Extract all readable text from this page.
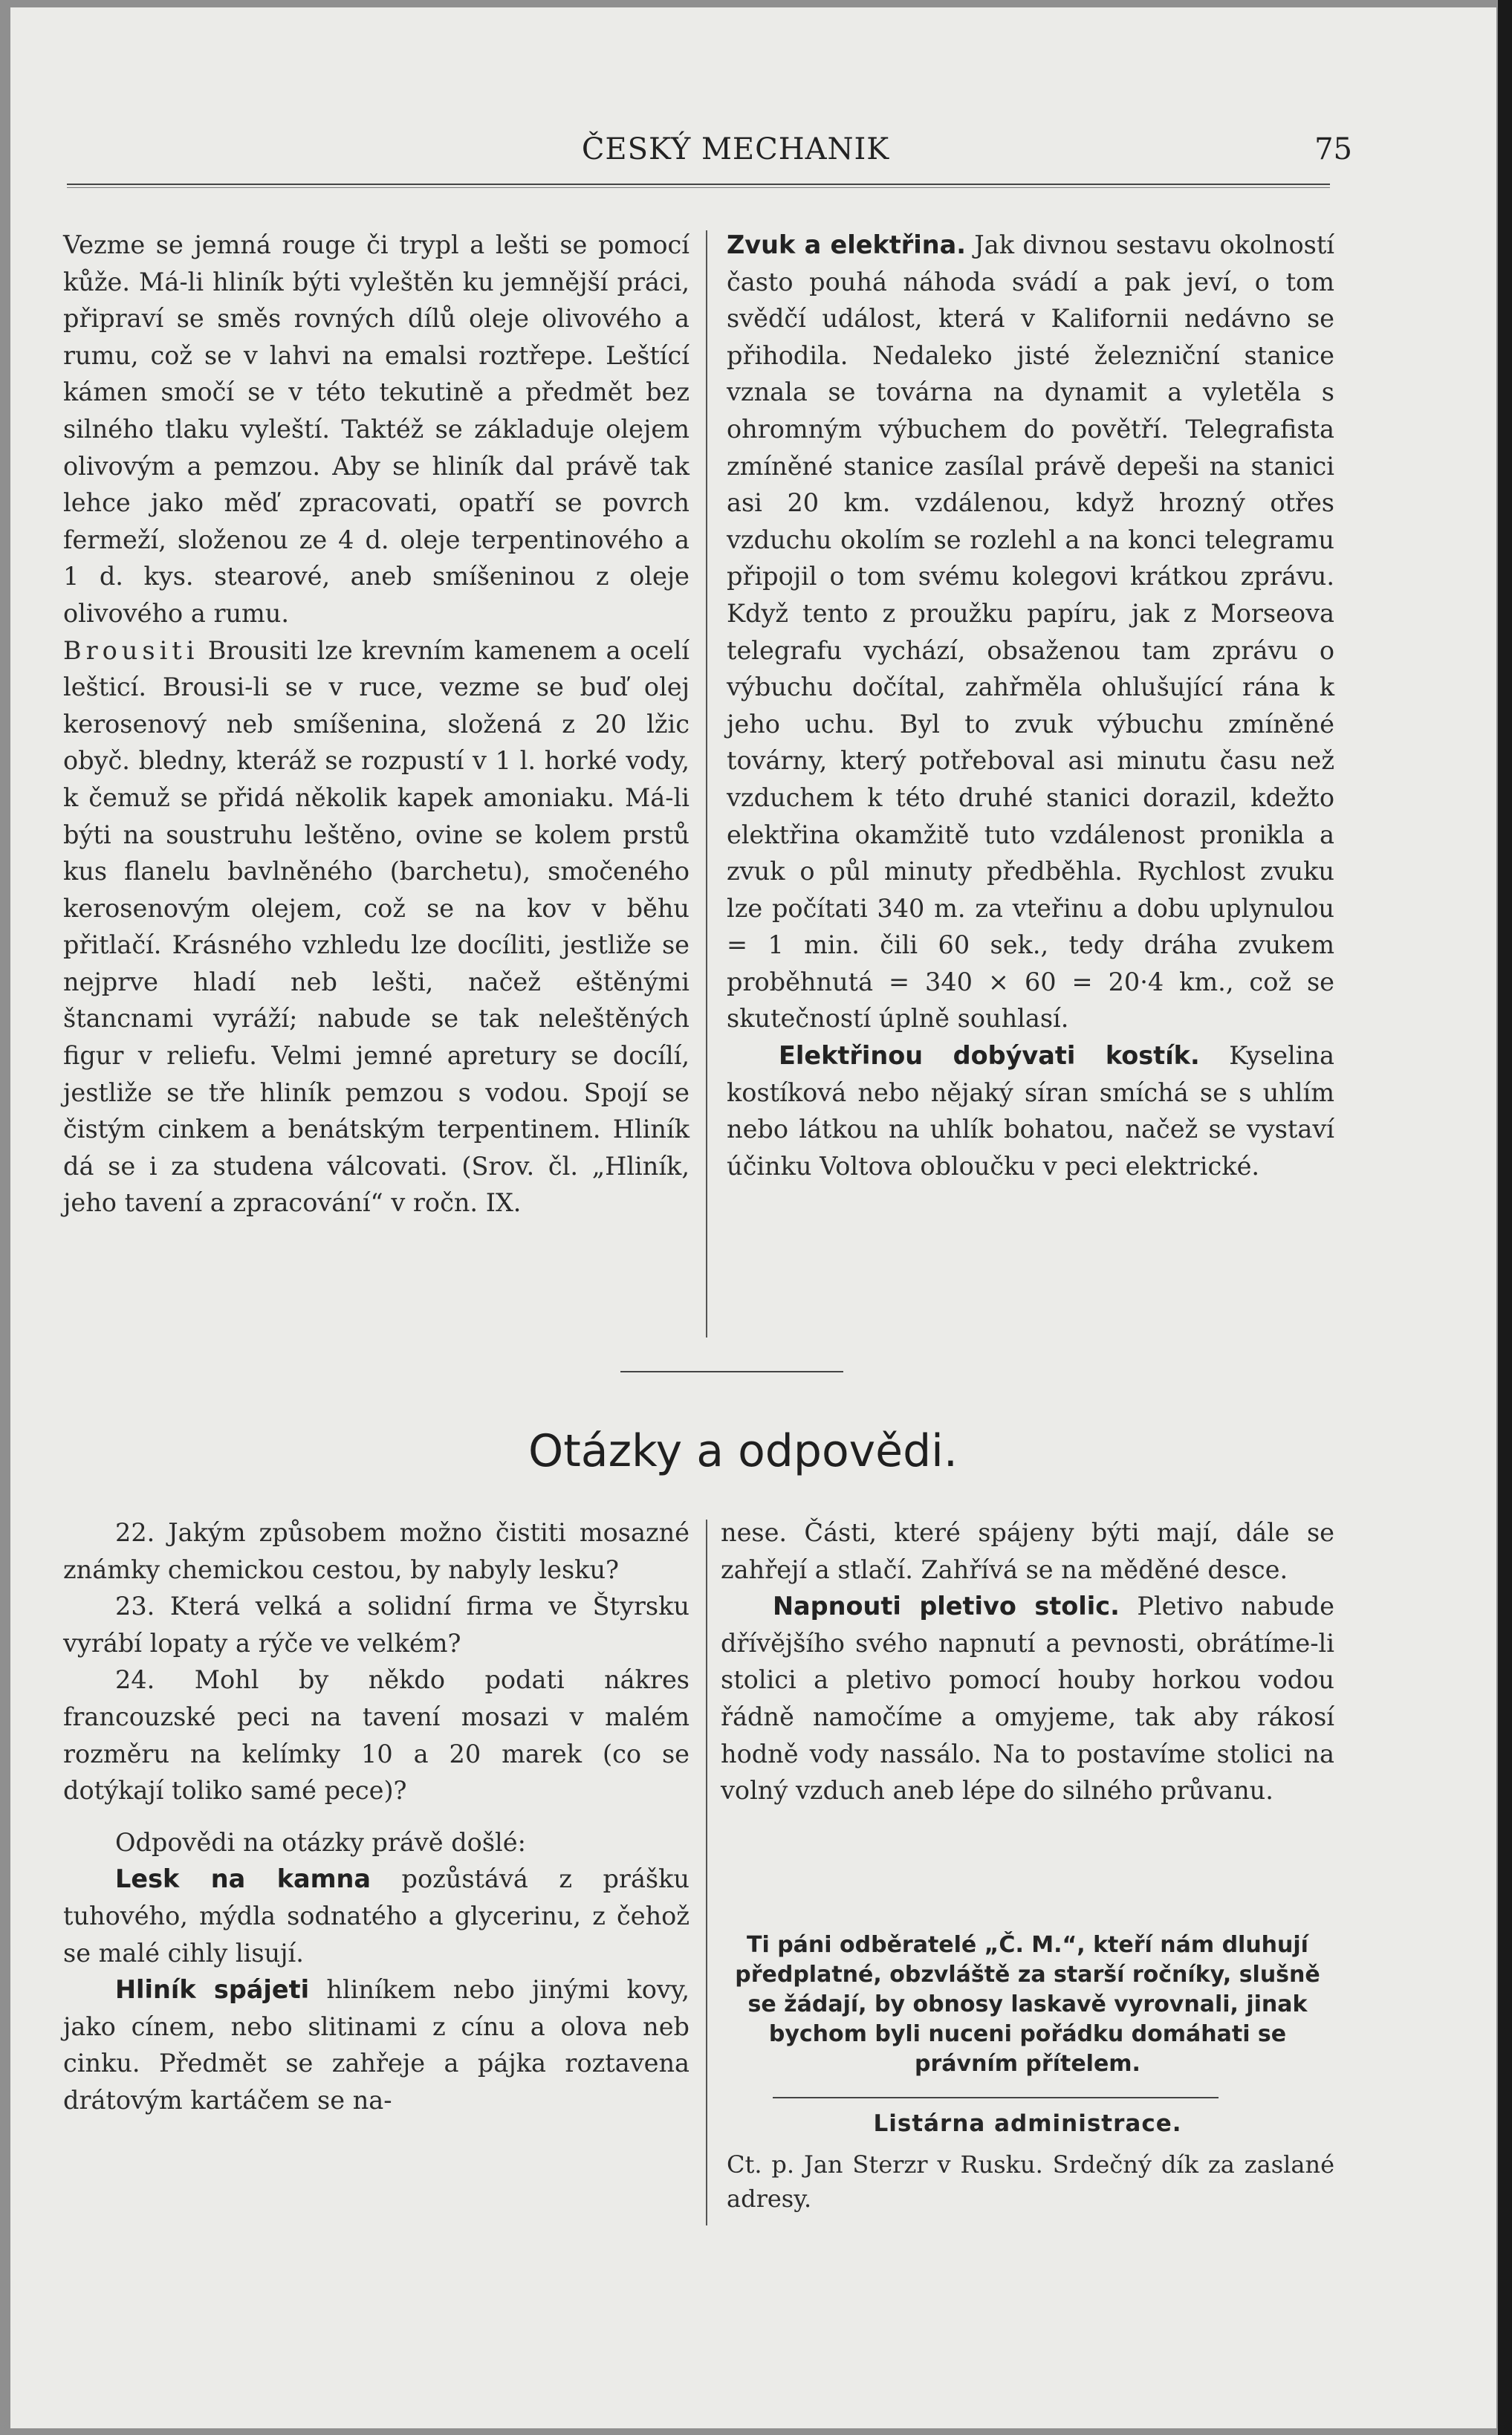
ČESKÝ MECHANIK	75

Vezme se jemná rouge či trypl a lešti se pomocí kůže. Má-li hliník býti vyleštěn ku jemnější práci, připraví se směs rovných dílů oleje olivového a rumu, což se v lahvi na emalsi roztřepe. Leštící kámen smočí se v této tekutině a předmět bez silného tlaku vyleští. Taktéž se základuje olejem olivovým a pemzou. Aby se hliník dal právě tak lehce jako měď zpracovati, opatří se povrch fermeží, složenou ze 4 d. oleje terpentinového a 1 d. kys. stearové, aneb smíšeninou z oleje olivového a rumu.

Brousiti Brousiti lze krevním kamenem a ocelí lešticí. Brousi-li se v ruce, vezme se buď olej kerosenový neb smíšenina, složená z 20 lžic obyč. bledny, kteráž se rozpustí v 1 l. horké vody, k čemuž se přidá několik kapek amoniaku. Má-li býti na soustruhu leštěno, ovine se kolem prstů kus flanelu bavlněného (barchetu), smočeného kerosenovým olejem, což se na kov v běhu přitlačí. Krásného vzhledu lze docíliti, jestliže se nejprve hladí neb lešti, načež eštěnými štancnami vyráží; nabude se tak neleštěných figur v reliefu. Velmi jemné apretury se docílí, jestliže se tře hliník pemzou s vodou. Spojí se čistým cinkem a benátským terpentinem. Hliník dá se i za studena válcovati. (Srov. čl. „Hliník, jeho tavení a zpracování“ v ročn. IX.

Zvuk a elektřina. Jak divnou sestavu okolností často pouhá náhoda svádí a pak jeví, o tom svědčí událost, která v Kalifornii nedávno se přihodila. Nedaleko jisté železniční stanice vznala se továrna na dynamit a vyletěla s ohromným výbuchem do povětří. Telegrafista zmíněné stanice zasílal právě depeši na stanici asi 20 km. vzdálenou, když hrozný otřes vzduchu okolím se rozlehl a na konci telegramu připojil o tom svému kolegovi krátkou zprávu. Když tento z proužku papíru, jak z Morseova telegrafu vychází, obsaženou tam zprávu o výbuchu dočítal, zahřměla ohlušující rána k jeho uchu. Byl to zvuk výbuchu zmíněné továrny, který potřeboval asi minutu času než vzduchem k této druhé stanici dorazil, kdežto elektřina okamžitě tuto vzdálenost pronikla a zvuk o půl minuty předběhla. Rychlost zvuku lze počítati 340 m. za vteřinu a dobu uplynulou = 1 min. čili 60 sek., tedy dráha zvukem proběhnutá = 340 × 60 = 20·4 km., což se skutečností úplně souhlasí.

Elektřinou dobývati kostík. Kyselina kostíková nebo nějaký síran smíchá se s uhlím nebo látkou na uhlík bohatou, načež se vystaví účinku Voltova obloučku v peci elektrické.

Otázky a odpovědi.

22. Jakým způsobem možno čistiti mosazné známky chemickou cestou, by nabyly lesku?

23. Která velká a solidní firma ve Štyrsku vyrábí lopaty a rýče ve velkém?

24. Mohl by někdo podati nákres francouzské peci na tavení mosazi v malém rozměru na kelímky 10 a 20 marek (co se dotýkají toliko samé pece)?

Odpovědi na otázky právě došlé:

Lesk na kamna pozůstává z prášku tuhového, mýdla sodnatého a glycerinu, z čehož se malé cihly lisují.

Hliník spájeti hliníkem nebo jinými kovy, jako cínem, nebo slitinami z cínu a olova neb cinku. Předmět se zahřeje a pájka roztavena drátovým kartáčem se na-

nese. Části, které spájeny býti mají, dále se zahřejí a stlačí. Zahřívá se na měděné desce.

Napnouti pletivo stolic. Pletivo nabude dřívějšího svého napnutí a pevnosti, obrátíme-li stolici a pletivo pomocí houby horkou vodou řádně namočíme a omyjeme, tak aby rákosí hodně vody nassálo. Na to postavíme stolici na volný vzduch aneb lépe do silného průvanu.

Ti páni odběratelé „Č. M.“, kteří nám dluhují předplatné, obzvláště za starší ročníky, slušně se žádají, by obnosy laskavě vyrovnali, jinak bychom byli nuceni pořádku domáhati se právním přítelem.
Listárna administrace.
Ct. p. Jan Sterzr v Rusku. Srdečný dík za zaslané adresy.
